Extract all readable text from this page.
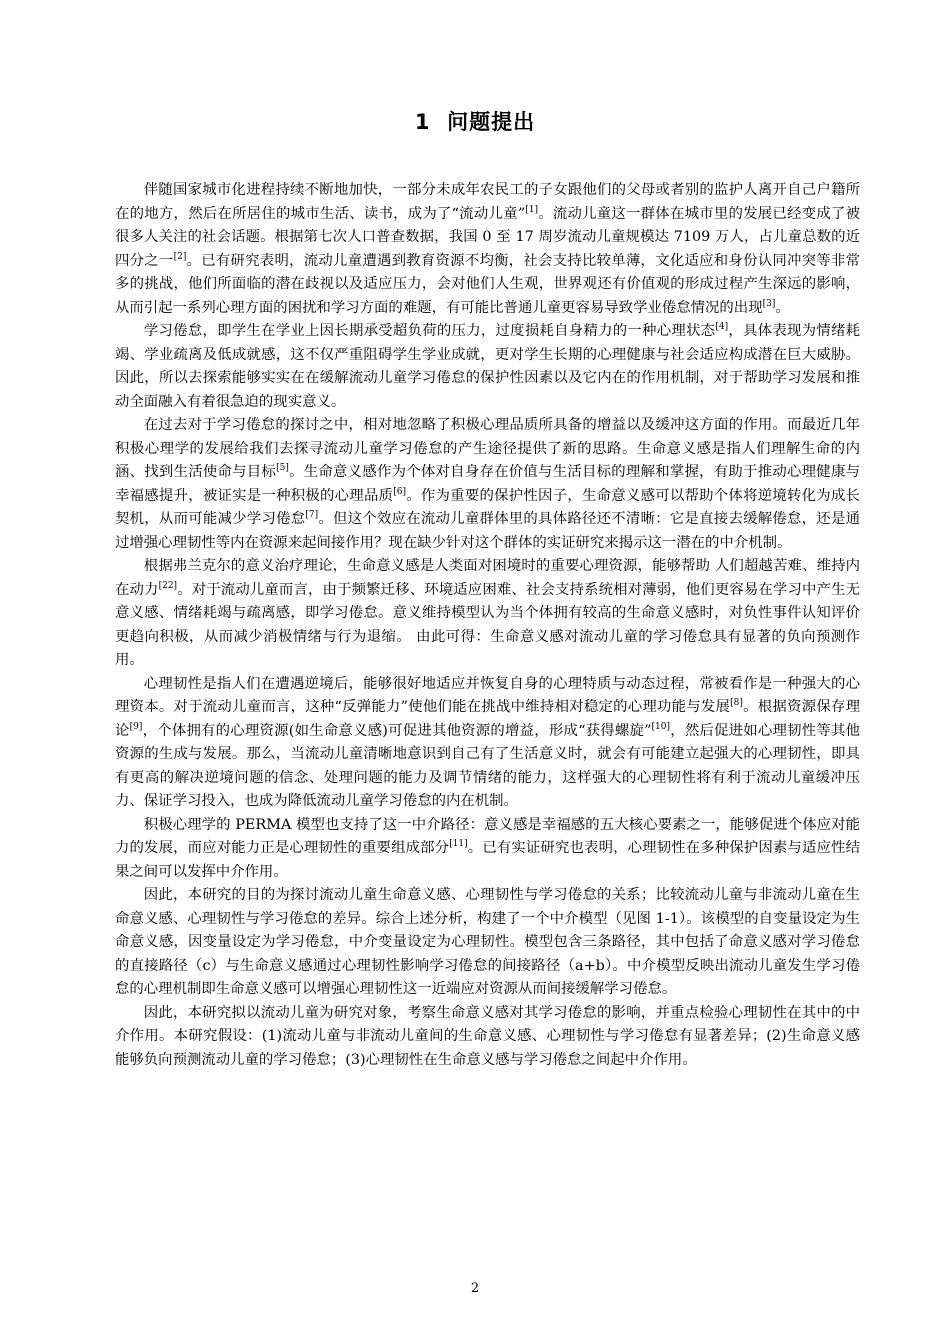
1 问题提出

伴随国家城市化进程持续不断地加快，一部分未成年农民工的子女跟他们的父母或者别的监护人离开自己户籍所在的地方，然后在所居住的城市生活、读书，成为了“流动儿童”[1]。流动儿童这一群体在城市里的发展已经变成了被很多人关注的社会话题。根据第七次人口普查数据，我国 0 至 17 周岁流动儿童规模达 7109 万人，占儿童总数的近四分之一[2]。已有研究表明，流动儿童遭遇到教育资源不均衡，社会支持比较单薄，文化适应和身份认同冲突等非常多的挑战，他们所面临的潜在歧视以及适应压力，会对他们人生观，世界观还有价值观的形成过程产生深远的影响，从而引起一系列心理方面的困扰和学习方面的难题，有可能比普通儿童更容易导致学业倦怠情况的出现[3]。

学习倦怠，即学生在学业上因长期承受超负荷的压力，过度损耗自身精力的一种心理状态[4]，具体表现为情绪耗竭、学业疏离及低成就感，这不仅严重阻碍学生学业成就，更对学生长期的心理健康与社会适应构成潜在巨大威胁。因此，所以去探索能够实实在在缓解流动儿童学习倦怠的保护性因素以及它内在的作用机制，对于帮助学习发展和推动全面融入有着很急迫的现实意义。

在过去对于学习倦怠的探讨之中，相对地忽略了积极心理品质所具备的增益以及缓冲这方面的作用。而最近几年积极心理学的发展给我们去探寻流动儿童学习倦怠的产生途径提供了新的思路。生命意义感是指人们理解生命的内涵、找到生活使命与目标[5]。生命意义感作为个体对自身存在价值与生活目标的理解和掌握，有助于推动心理健康与幸福感提升，被证实是一种积极的心理品质[6]。作为重要的保护性因子，生命意义感可以帮助个体将逆境转化为成长契机，从而可能减少学习倦怠[7]。但这个效应在流动儿童群体里的具体路径还不清晰：它是直接去缓解倦怠，还是通过增强心理韧性等内在资源来起间接作用？现在缺少针对这个群体的实证研究来揭示这一潜在的中介机制。

根据弗兰克尔的意义治疗理论，生命意义感是人类面对困境时的重要心理资源，能够帮助 人们超越苦难、维持内在动力[22]。对于流动儿童而言，由于频繁迁移、环境适应困难、社会支持系统相对薄弱，他们更容易在学习中产生无意义感、情绪耗竭与疏离感，即学习倦怠。意义维持模型认为当个体拥有较高的生命意义感时，对负性事件认知评价更趋向积极，从而减少消极情绪与行为退缩。 由此可得：生命意义感对流动儿童的学习倦怠具有显著的负向预测作用。

心理韧性是指人们在遭遇逆境后，能够很好地适应并恢复自身的心理特质与动态过程，常被看作是一种强大的心理资本。对于流动儿童而言，这种“反弹能力”使他们能在挑战中维持相对稳定的心理功能与发展[8]。根据资源保存理论[9]，个体拥有的心理资源(如生命意义感)可促进其他资源的增益，形成“获得螺旋”[10]，然后促进如心理韧性等其他资源的生成与发展。那么，当流动儿童清晰地意识到自己有了生活意义时，就会有可能建立起强大的心理韧性，即具有更高的解决逆境问题的信念、处理问题的能力及调节情绪的能力，这样强大的心理韧性将有利于流动儿童缓冲压力、保证学习投入，也成为降低流动儿童学习倦怠的内在机制。

积极心理学的 PERMA 模型也支持了这一中介路径：意义感是幸福感的五大核心要素之一，能够促进个体应对能力的发展，而应对能力正是心理韧性的重要组成部分[11]。已有实证研究也表明，心理韧性在多种保护因素与适应性结果之间可以发挥中介作用。

因此，本研究的目的为探讨流动儿童生命意义感、心理韧性与学习倦怠的关系；比较流动儿童与非流动儿童在生命意义感、心理韧性与学习倦怠的差异。综合上述分析，构建了一个中介模型（见图 1-1）。该模型的自变量设定为生命意义感，因变量设定为学习倦怠，中介变量设定为心理韧性。模型包含三条路径，其中包括了命意义感对学习倦怠的直接路径（c）与生命意义感通过心理韧性影响学习倦怠的间接路径（a+b）。中介模型反映出流动儿童发生学习倦怠的心理机制即生命意义感可以增强心理韧性这一近端应对资源从而间接缓解学习倦怠。

因此，本研究拟以流动儿童为研究对象，考察生命意义感对其学习倦怠的影响，并重点检验心理韧性在其中的中介作用。本研究假设：(1)流动儿童与非流动儿童间的生命意义感、心理韧性与学习倦怠有显著差异；(2)生命意义感能够负向预测流动儿童的学习倦怠；(3)心理韧性在生命意义感与学习倦怠之间起中介作用。

2
